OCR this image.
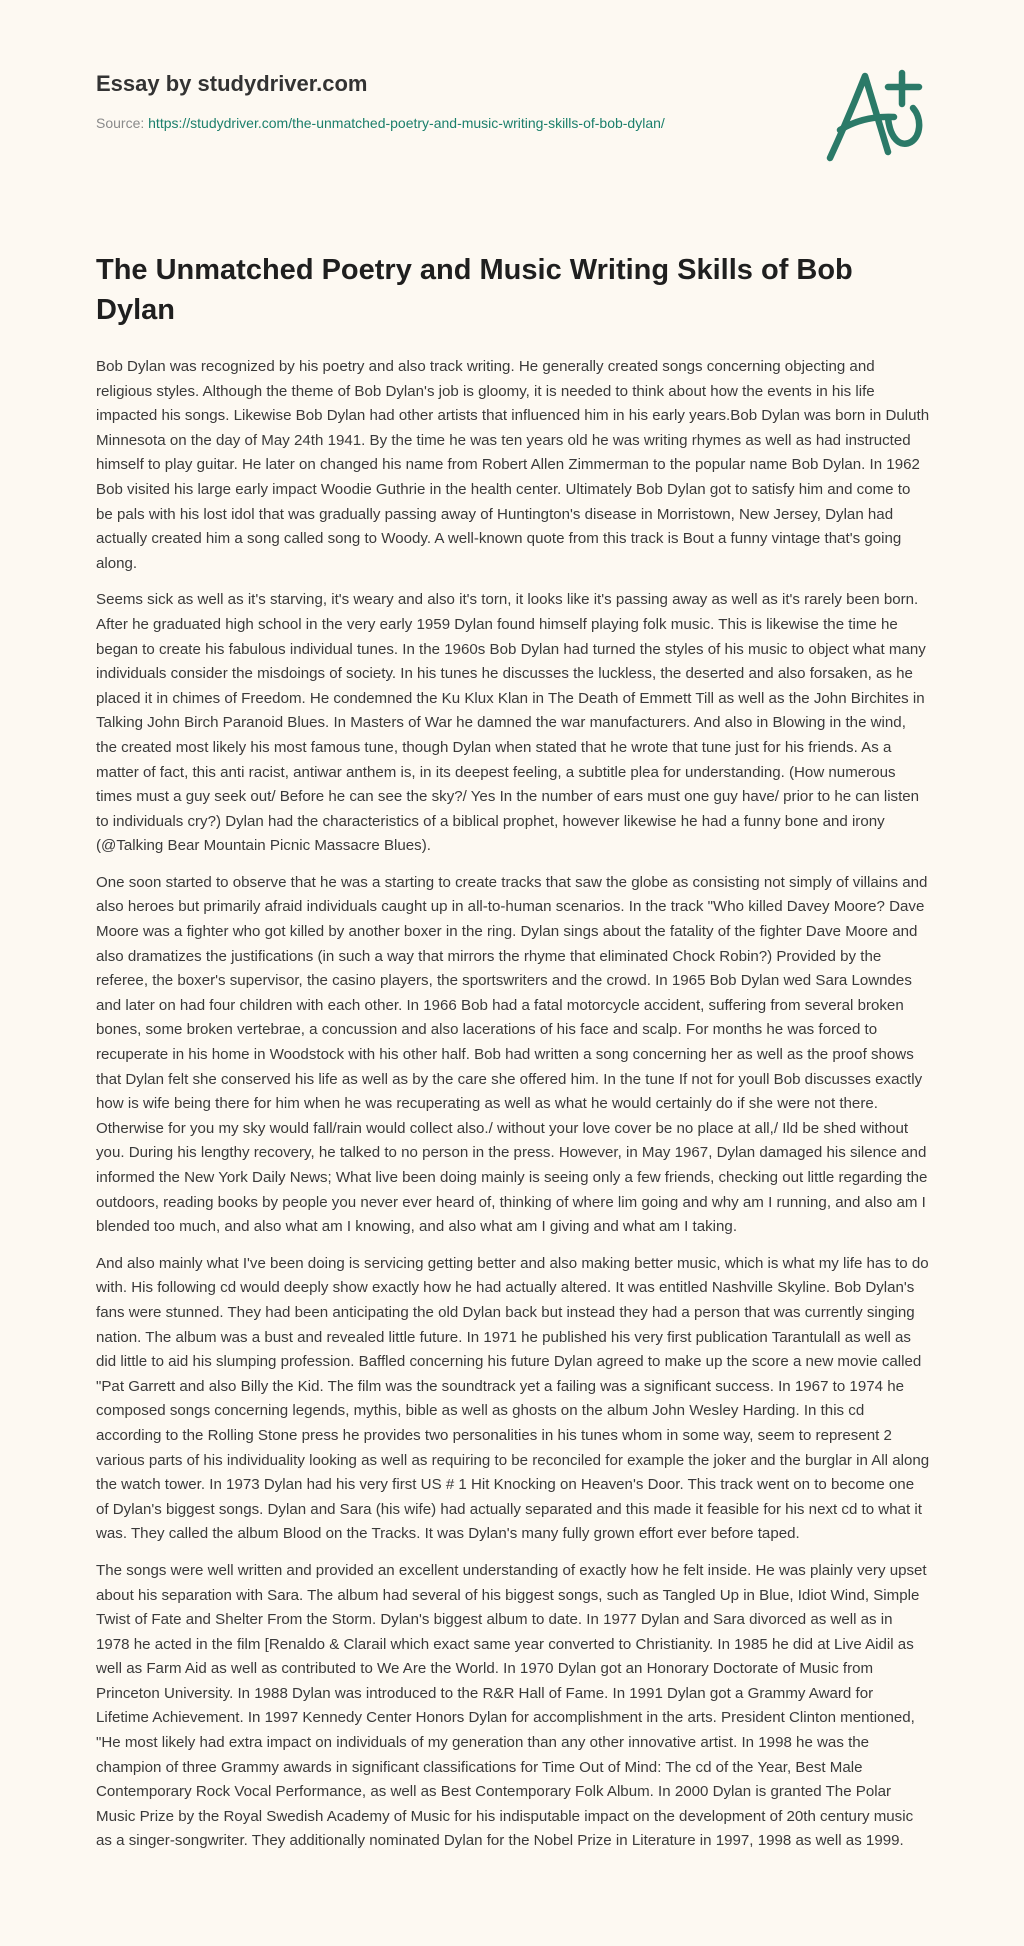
Essay by studydriver.com
Source: https://studydriver.com/the-unmatched-poetry-and-music-writing-skills-of-bob-dylan/
The Unmatched Poetry and Music Writing Skills of Bob Dylan

Bob Dylan was recognized by his poetry and also track writing. He generally created songs concerning objecting and religious styles. Although the theme of Bob Dylan's job is gloomy, it is needed to think about how the events in his life impacted his songs. Likewise Bob Dylan had other artists that influenced him in his early years.Bob Dylan was born in Duluth Minnesota on the day of May 24th 1941. By the time he was ten years old he was writing rhymes as well as had instructed himself to play guitar. He later on changed his name from Robert Allen Zimmerman to the popular name Bob Dylan. In 1962 Bob visited his large early impact Woodie Guthrie in the health center. Ultimately Bob Dylan got to satisfy him and come to be pals with his lost idol that was gradually passing away of Huntington's disease in Morristown, New Jersey, Dylan had actually created him a song called song to Woody. A well-known quote from this track is Bout a funny vintage that's going along.

Seems sick as well as it's starving, it's weary and also it's torn, it looks like it's passing away as well as it's rarely been born. After he graduated high school in the very early 1959 Dylan found himself playing folk music. This is likewise the time he began to create his fabulous individual tunes. In the 1960s Bob Dylan had turned the styles of his music to object what many individuals consider the misdoings of society. In his tunes he discusses the luckless, the deserted and also forsaken, as he placed it in chimes of Freedom. He condemned the Ku Klux Klan in The Death of Emmett Till as well as the John Birchites in Talking John Birch Paranoid Blues. In Masters of War he damned the war manufacturers. And also in Blowing in the wind, the created most likely his most famous tune, though Dylan when stated that he wrote that tune just for his friends. As a matter of fact, this anti racist, antiwar anthem is, in its deepest feeling, a subtitle plea for understanding. (How numerous times must a guy seek out/ Before he can see the sky?/ Yes In the number of ears must one guy have/ prior to he can listen to individuals cry?) Dylan had the characteristics of a biblical prophet, however likewise he had a funny bone and irony (@Talking Bear Mountain Picnic Massacre Blues).

One soon started to observe that he was a starting to create tracks that saw the globe as consisting not simply of villains and also heroes but primarily afraid individuals caught up in all-to-human scenarios. In the track "Who killed Davey Moore? Dave Moore was a fighter who got killed by another boxer in the ring. Dylan sings about the fatality of the fighter Dave Moore and also dramatizes the justifications (in such a way that mirrors the rhyme that eliminated Chock Robin?) Provided by the referee, the boxer's supervisor, the casino players, the sportswriters and the crowd. In 1965 Bob Dylan wed Sara Lowndes and later on had four children with each other. In 1966 Bob had a fatal motorcycle accident, suffering from several broken bones, some broken vertebrae, a concussion and also lacerations of his face and scalp. For months he was forced to recuperate in his home in Woodstock with his other half. Bob had written a song concerning her as well as the proof shows that Dylan felt she conserved his life as well as by the care she offered him. In the tune If not for youll Bob discusses exactly how is wife being there for him when he was recuperating as well as what he would certainly do if she were not there. Otherwise for you my sky would fall/rain would collect also./ without your love cover be no place at all,/ Ild be shed without you. During his lengthy recovery, he talked to no person in the press. However, in May 1967, Dylan damaged his silence and informed the New York Daily News; What live been doing mainly is seeing only a few friends, checking out little regarding the outdoors, reading books by people you never ever heard of, thinking of where lim going and why am I running, and also am I blended too much, and also what am I knowing, and also what am I giving and what am I taking.

And also mainly what I've been doing is servicing getting better and also making better music, which is what my life has to do with. His following cd would deeply show exactly how he had actually altered. It was entitled Nashville Skyline. Bob Dylan's fans were stunned. They had been anticipating the old Dylan back but instead they had a person that was currently singing nation. The album was a bust and revealed little future. In 1971 he published his very first publication Tarantulall as well as did little to aid his slumping profession. Baffled concerning his future Dylan agreed to make up the score a new movie called "Pat Garrett and also Billy the Kid. The film was the soundtrack yet a failing was a significant success. In 1967 to 1974 he composed songs concerning legends, mythis, bible as well as ghosts on the album John Wesley Harding. In this cd according to the Rolling Stone press he provides two personalities in his tunes whom in some way, seem to represent 2 various parts of his individuality looking as well as requiring to be reconciled for example the joker and the burglar in All along the watch tower. In 1973 Dylan had his very first US # 1 Hit Knocking on Heaven's Door. This track went on to become one of Dylan's biggest songs. Dylan and Sara (his wife) had actually separated and this made it feasible for his next cd to what it was. They called the album Blood on the Tracks. It was Dylan's many fully grown effort ever before taped.

The songs were well written and provided an excellent understanding of exactly how he felt inside. He was plainly very upset about his separation with Sara. The album had several of his biggest songs, such as Tangled Up in Blue, Idiot Wind, Simple Twist of Fate and Shelter From the Storm. Dylan's biggest album to date. In 1977 Dylan and Sara divorced as well as in 1978 he acted in the film [Renaldo & Clarail which exact same year converted to Christianity. In 1985 he did at Live Aidil as well as Farm Aid as well as contributed to We Are the World. In 1970 Dylan got an Honorary Doctorate of Music from Princeton University. In 1988 Dylan was introduced to the R&R Hall of Fame. In 1991 Dylan got a Grammy Award for Lifetime Achievement. In 1997 Kennedy Center Honors Dylan for accomplishment in the arts. President Clinton mentioned, "He most likely had extra impact on individuals of my generation than any other innovative artist. In 1998 he was the champion of three Grammy awards in significant classifications for Time Out of Mind: The cd of the Year, Best Male Contemporary Rock Vocal Performance, as well as Best Contemporary Folk Album. In 2000 Dylan is granted The Polar Music Prize by the Royal Swedish Academy of Music for his indisputable impact on the development of 20th century music as a singer-songwriter. They additionally nominated Dylan for the Nobel Prize in Literature in 1997, 1998 as well as 1999.
